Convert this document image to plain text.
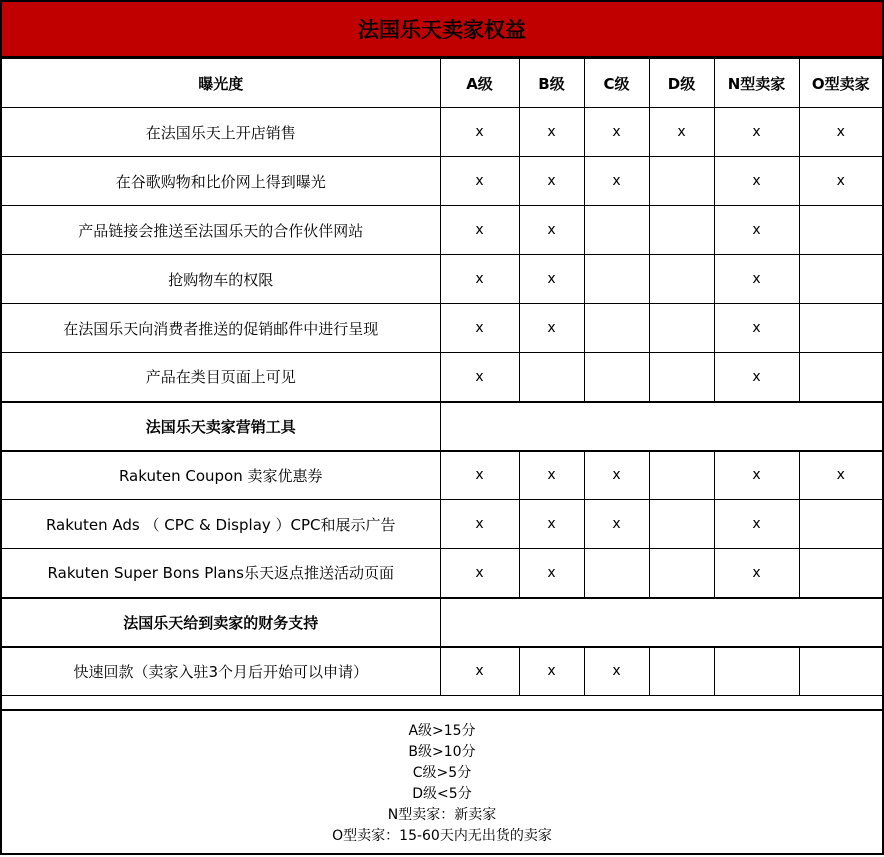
法国乐天卖家权益
曝光度	A级	B级	C级	D级	N型卖家	O型卖家
在法国乐天上开店销售	x	x	x	x	x	x
在谷歌购物和比价网上得到曝光	x	x	x		x	x
产品链接会推送至法国乐天的合作伙伴网站	x	x			x	
抢购物车的权限	x	x			x	
在法国乐天向消费者推送的促销邮件中进行呈现	x	x			x	
产品在类目页面上可见	x				x	
法国乐天卖家营销工具						
Rakuten Coupon 卖家优惠券	x	x	x		x	x
Rakuten Ads （ CPC & Display ）CPC和展示广告	x	x	x		x	
Rakuten Super Bons Plans乐天返点推送活动页面	x	x			x	
法国乐天给到卖家的财务支持						
快速回款（卖家入驻3个月后开始可以申请）	x	x	x			
A级>15分
B级>10分
C级>5分
D级<5分
N型卖家：新卖家
O型卖家：15-60天内无出货的卖家
